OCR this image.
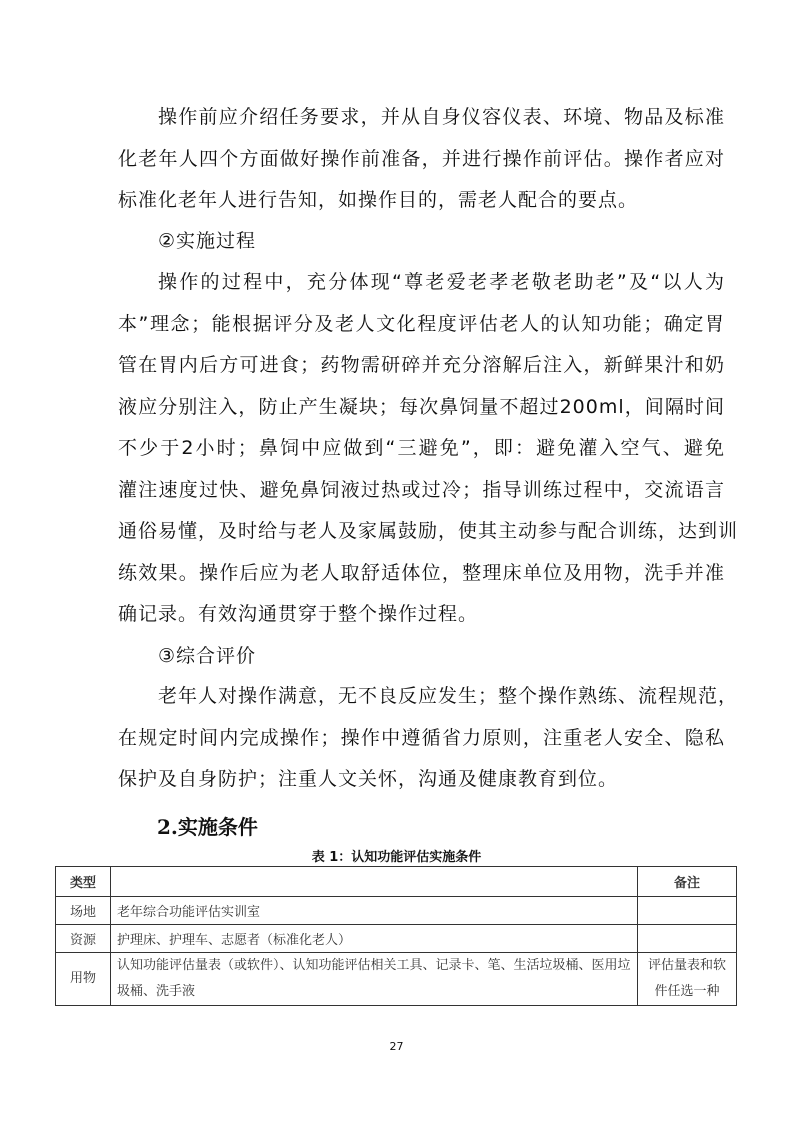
操作前应介绍任务要求，并从自身仪容仪表、环境、物品及标准
化老年人四个方面做好操作前准备，并进行操作前评估。操作者应对
标准化老年人进行告知，如操作目的，需老人配合的要点。
②实施过程
操作的过程中，充分体现“尊老爱老孝老敬老助老”及“以人为
本”理念；能根据评分及老人文化程度评估老人的认知功能；确定胃
管在胃内后方可进食；药物需研碎并充分溶解后注入，新鲜果汁和奶
液应分别注入，防止产生凝块；每次鼻饲量不超过200ml，间隔时间
不少于2小时；鼻饲中应做到“三避免”，即：避免灌入空气、避免
灌注速度过快、避免鼻饲液过热或过冷；指导训练过程中，交流语言
通俗易懂，及时给与老人及家属鼓励，使其主动参与配合训练，达到训
练效果。操作后应为老人取舒适体位，整理床单位及用物，洗手并准
确记录。有效沟通贯穿于整个操作过程。
③综合评价
老年人对操作满意，无不良反应发生；整个操作熟练、流程规范，
在规定时间内完成操作；操作中遵循省力原则，注重老人安全、隐私
保护及自身防护；注重人文关怀，沟通及健康教育到位。
2.实施条件
表 1：认知功能评估实施条件
类型		备注
场地	老年综合功能评估实训室	
资源	护理床、护理车、志愿者（标准化老人）	
用物	认知功能评估量表（或软件）、认知功能评估相关工具、记录卡、笔、生活垃圾桶、医用垃圾桶、洗手液	评估量表和软件任选一种
27
